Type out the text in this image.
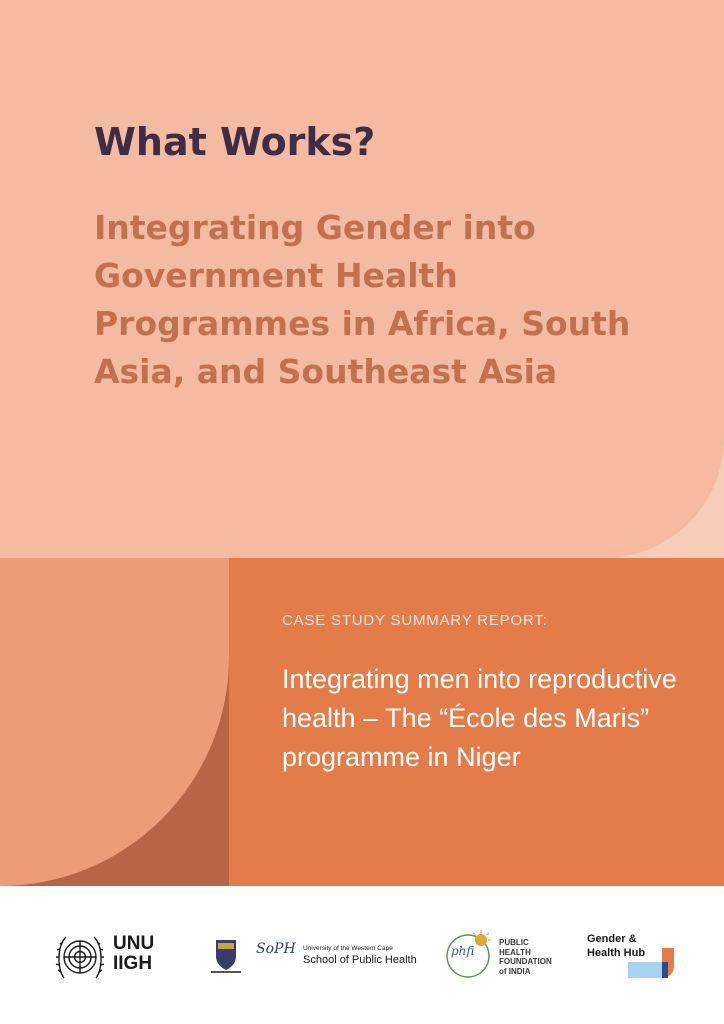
What Works?
Integrating Gender into Government Health Programmes in Africa, South Asia, and Southeast Asia

CASE STUDY SUMMARY REPORT:

Integrating men into reproductive health – The “École des Maris” programme in Niger

UNU
IIGH
SoPH University of the Western Cape
School of Public Health
phfi
PUBLIC
HEALTH
FOUNDATION
of INDIA
Gender &
Health Hub
